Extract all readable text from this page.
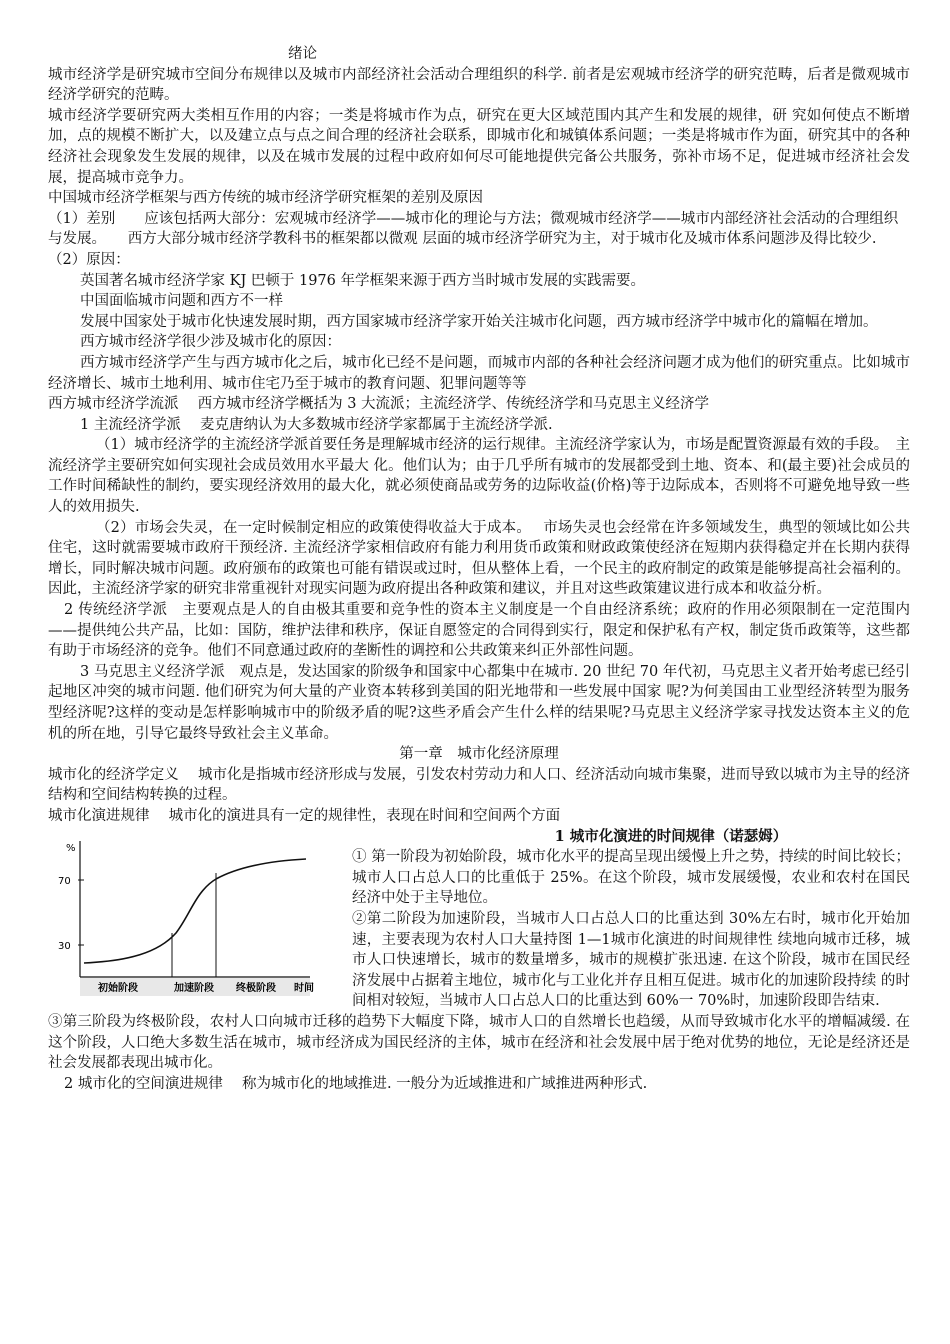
绪论

城市经济学是研究城市空间分布规律以及城市内部经济社会活动合理组织的科学. 前者是宏观城市经济学的研究范畴，后者是微观城市经济学研究的范畴。

城市经济学要研究两大类相互作用的内容；一类是将城市作为点，研究在更大区域范围内其产生和发展的规律，研 究如何使点不断增加，点的规模不断扩大，以及建立点与点之间合理的经济社会联系，即城市化和城镇体系问题；一类是将城市作为面，研究其中的各种经济社会现象发生发展的规律，以及在城市发展的过程中政府如何尽可能地提供完备公共服务，弥补市场不足，促进城市经济社会发展，提高城市竞争力。

中国城市经济学框架与西方传统的城市经济学研究框架的差别及原因

（1）差别　　应该包括两大部分：宏观城市经济学——城市化的理论与方法；微观城市经济学——城市内部经济社会活动的合理组织

与发展。　　西方大部分城市经济学教科书的框架都以微观 层面的城市经济学研究为主，对于城市化及城市体系问题涉及得比较少.

（2）原因：

英国著名城市经济学家 KJ 巴顿于 1976 年学框架来源于西方当时城市发展的实践需要。

中国面临城市问题和西方不一样

发展中国家处于城市化快速发展时期，西方国家城市经济学家开始关注城市化问题，西方城市经济学中城市化的篇幅在增加。

西方城市经济学很少涉及城市化的原因：

西方城市经济学产生与西方城市化之后，城市化已经不是问题，而城市内部的各种社会经济问题才成为他们的研究重点。比如城市经济增长、城市土地利用、城市住宅乃至于城市的教育问题、犯罪问题等等

西方城市经济学流派　 西方城市经济学概括为 3 大流派；主流经济学、传统经济学和马克思主义经济学

1 主流经济学派　 麦克唐纳认为大多数城市经济学家都属于主流经济学派.

（1）城市经济学的主流经济学派首要任务是理解城市经济的运行规律。主流经济学家认为，市场是配置资源最有效的手段。　主流经济学主要研究如何实现社会成员效用水平最大 化。他们认为；由于几乎所有城市的发展都受到土地、资本、和(最主要)社会成员的工作时间稀缺性的制约，要实现经济效用的最大化，就必须使商品或劳务的边际收益(价格)等于边际成本，否则将不可避免地导致一些人的效用损失.

（2）市场会失灵，在一定时候制定相应的政策使得收益大于成本。　 市场失灵也会经常在许多领域发生，典型的领域比如公共住宅，这时就需要城市政府干预经济. 主流经济学家相信政府有能力利用货币政策和财政政策使经济在短期内获得稳定并在长期内获得增长，同时解决城市问题。政府颁布的政策也可能有错误或过时，但从整体上看，一个民主的政府制定的政策是能够提高社会福利的。因此，主流经济学家的研究非常重视针对现实问题为政府提出各种政策和建议，并且对这些政策建议进行成本和收益分析。

2 传统经济学派　主要观点是人的自由极其重要和竞争性的资本主义制度是一个自由经济系统；政府的作用必须限制在一定范围内——提供纯公共产品，比如：国防，维护法律和秩序，保证自愿签定的合同得到实行，限定和保护私有产权，制定货币政策等，这些都有助于市场经济的竞争。他们不同意通过政府的垄断性的调控和公共政策来纠正外部性问题。

3 马克思主义经济学派　观点是，发达国家的阶级争和国家中心都集中在城市. 20 世纪 70 年代初，马克思主义者开始考虑已经引起地区冲突的城市问题. 他们研究为何大量的产业资本转移到美国的阳光地带和一些发展中国家 呢?为何美国由工业型经济转型为服务型经济呢?这样的变动是怎样影响城市中的阶级矛盾的呢?这些矛盾会产生什么样的结果呢?马克思主义经济学家寻找发达资本主义的危机的所在地，引导它最终导致社会主义革命。

第一章　城市化经济原理

城市化的经济学定义　 城市化是指城市经济形成与发展，引发农村劳动力和人口、经济活动向城市集聚，进而导致以城市为主导的经济结构和空间结构转换的过程。

城市化演进规律　 城市化的演进具有一定的规律性，表现在时间和空间两个方面

%
70
30
初始阶段	加速阶段 终极阶段 时间

1 城市化演进的时间规律（诺瑟姆）

① 第一阶段为初始阶段，城市化水平的提高呈现出缓慢上升之势，持续的时间比较长；城市人口占总人口的比重低于 25%。在这个阶段，城市发展缓慢，农业和农村在国民经济中处于主导地位。

②第二阶段为加速阶段，当城市人口占总人口的比重达到 30%左右时，城市化开始加速，主要表现为农村人口大量持图 1—1城市化演进的时间规律性 续地向城市迁移，城市人口快速增长，城市的数量增多，城市的规模扩张迅速. 在这个阶段，城市在国民经济发展中占据着主地位，城市化与工业化并存且相互促进。城市化的加速阶段持续 的时间相对较短，当城市人口占总人口的比重达到 60%一 70%时，加速阶段即告结束.

③第三阶段为终极阶段，农村人口向城市迁移的趋势下大幅度下降，城市人口的自然增长也趋缓，从而导致城市化水平的增幅减缓. 在这个阶段，人口绝大多数生活在城市，城市经济成为国民经济的主体，城市在经济和社会发展中居于绝对优势的地位，无论是经济还是社会发展都表现出城市化。

2 城市化的空间演进规律　 称为城市化的地域推进. 一般分为近域推进和广域推进两种形式.
